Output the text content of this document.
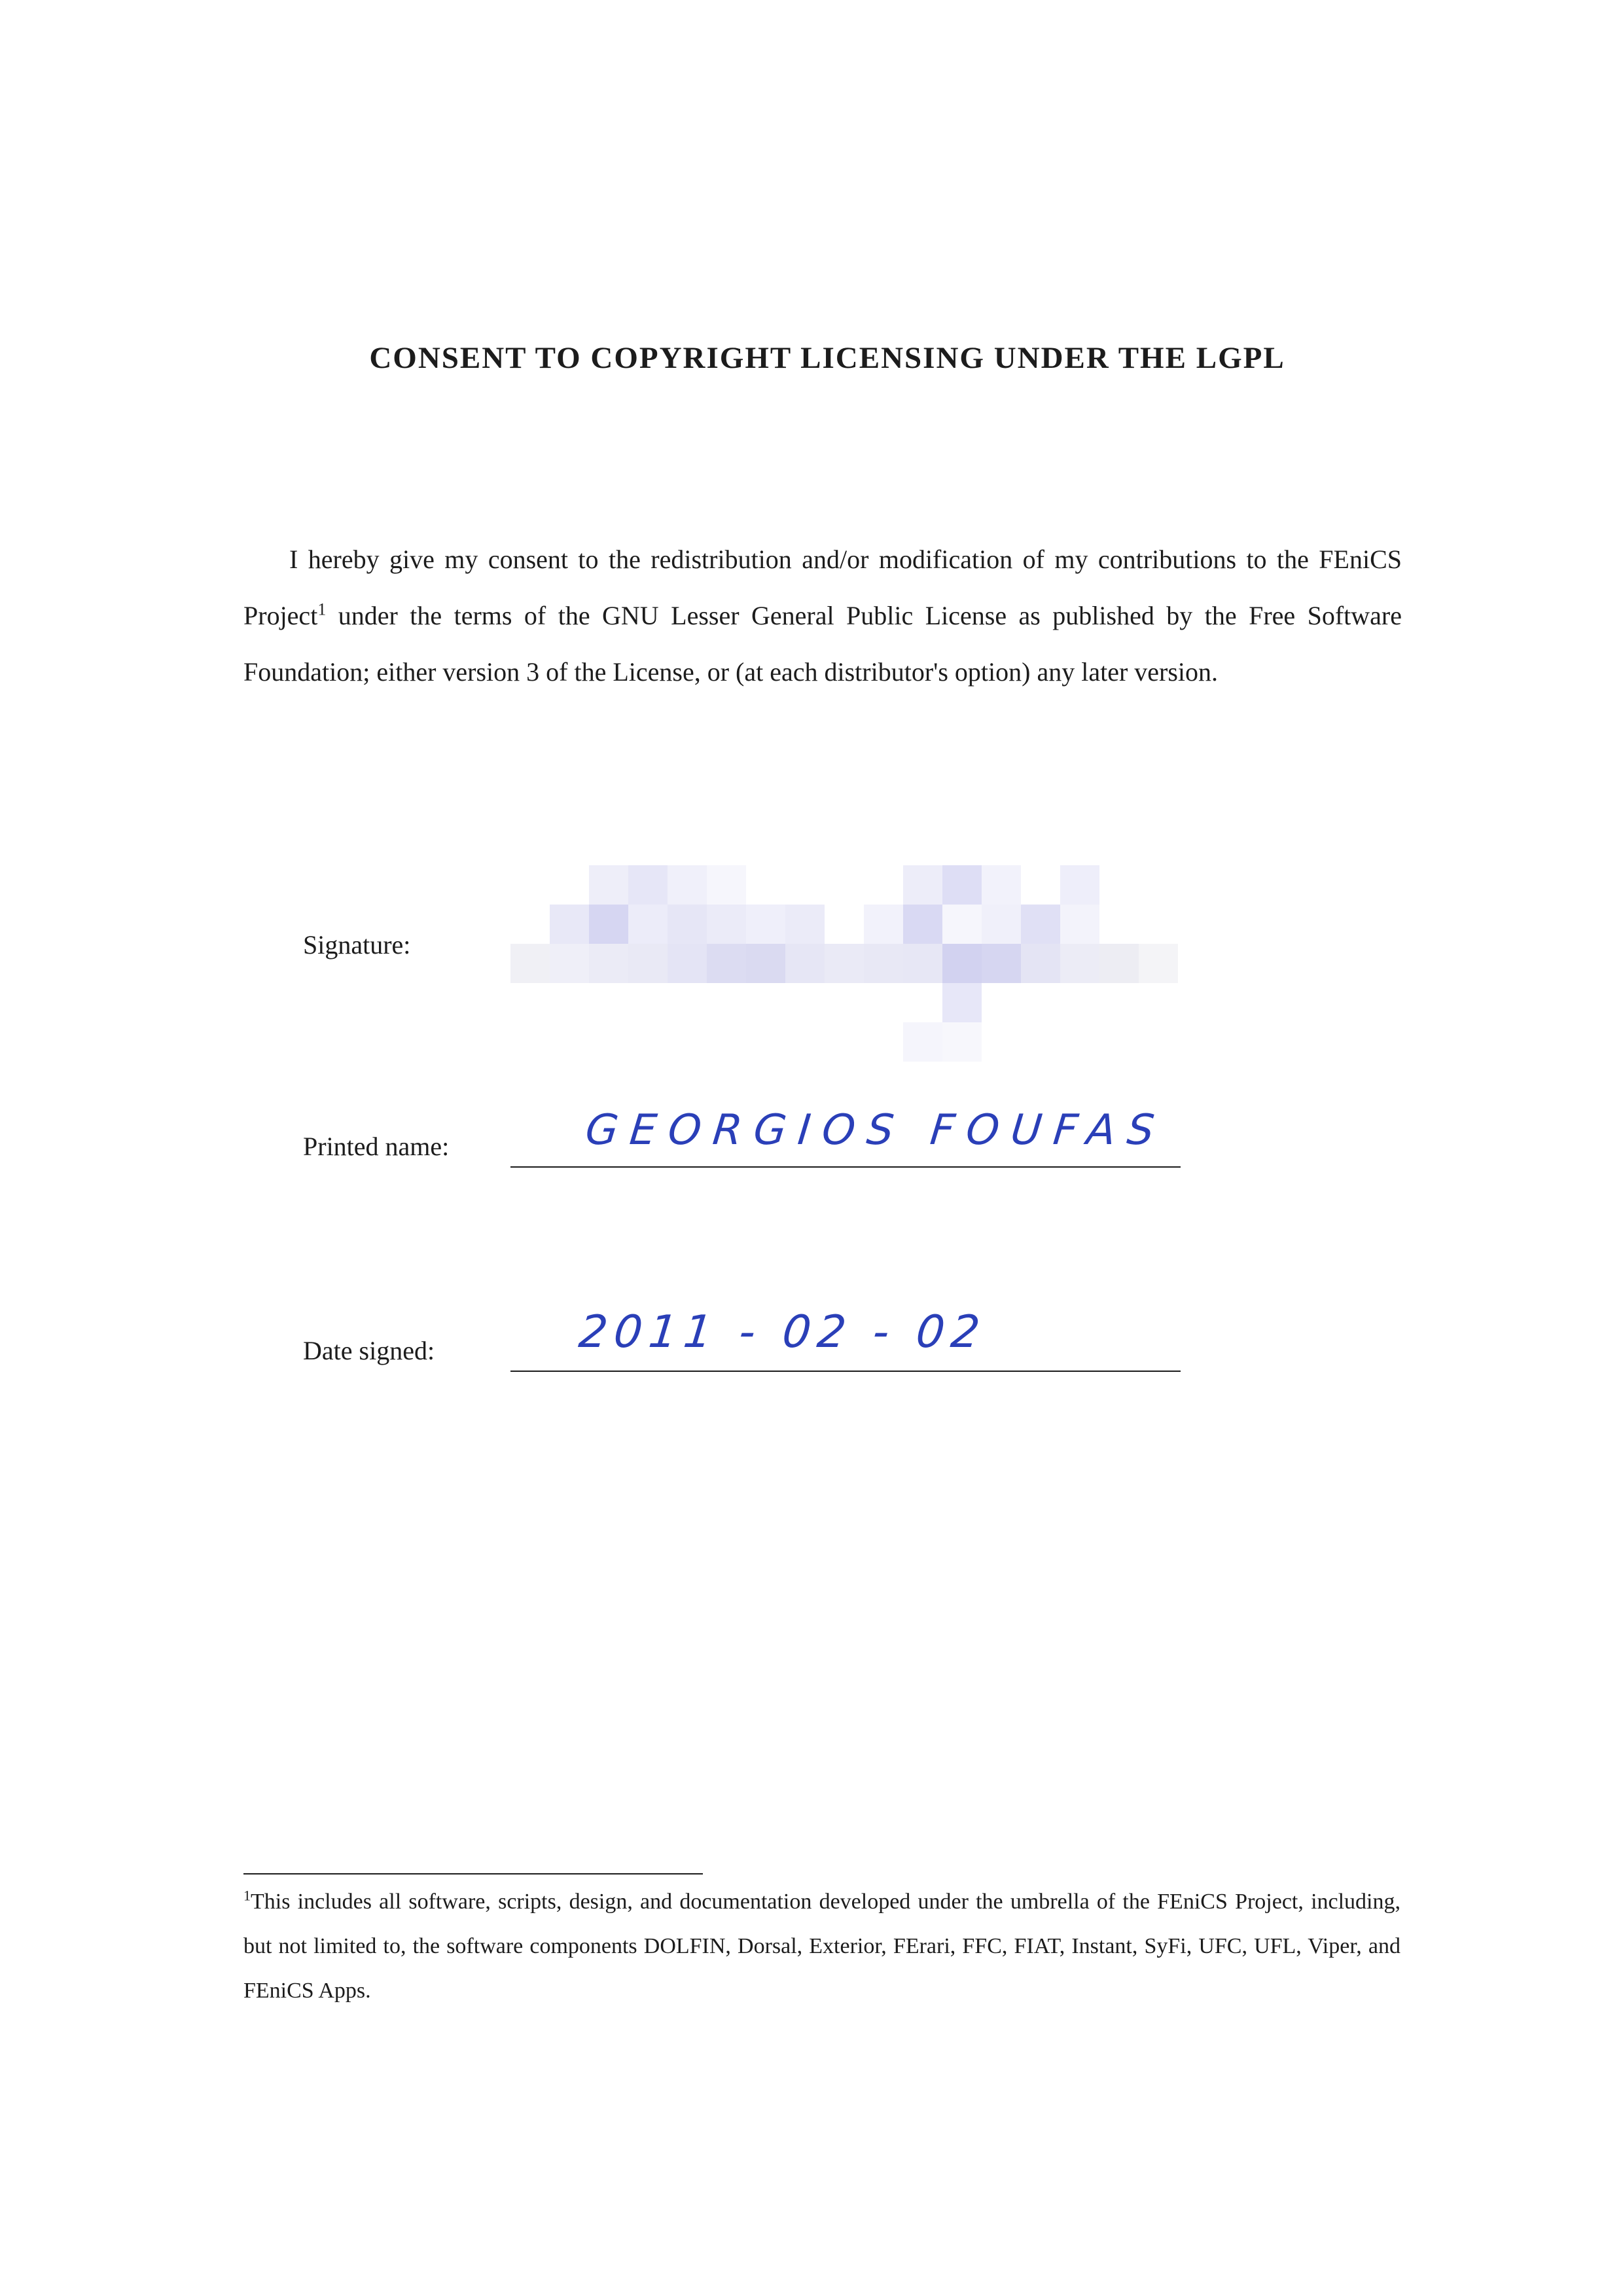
CONSENT TO COPYRIGHT LICENSING UNDER THE LGPL
I hereby give my consent to the redistribution and/or modification of my contributions to the FEniCS Project$^1$ under the terms of the GNU Lesser General Public License as published by the Free Software Foundation; either version 3 of the License, or (at each distributor's option) any later version.
Signature:
Printed name:	GEORGIOS FOUFAS
Date signed:	2011 - 02 - 02
$^1$This includes all software, scripts, design, and documentation developed under the umbrella of the FEniCS Project, including, but not limited to, the software components DOLFIN, Dorsal, Exterior, FErari, FFC, FIAT, Instant, SyFi, UFC, UFL, Viper, and FEniCS Apps.
